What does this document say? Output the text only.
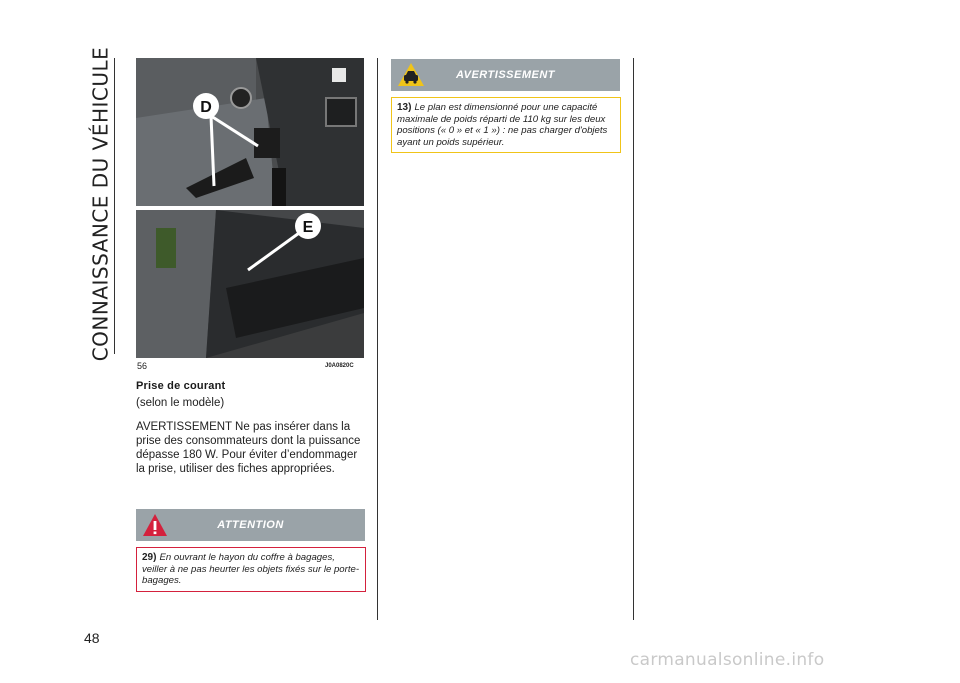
CONNAISSANCE DU VÉHICULE
48
D
E
56	J0A0820C
Prise de courant
(selon le modèle)
AVERTISSEMENT Ne pas insérer dans la prise des consommateurs dont la puissance dépasse 180 W. Pour éviter d’endommager la prise, utiliser des fiches appropriées.
ATTENTION
29) En ouvrant le hayon du coffre à bagages, veiller à ne pas heurter les objets fixés sur le porte-bagages.
AVERTISSEMENT
13) Le plan est dimensionné pour une capacité maximale de poids réparti de 110 kg sur les deux positions (« 0 » et « 1 ») : ne pas charger d'objets ayant un poids supérieur.
carmanualsonline.info
